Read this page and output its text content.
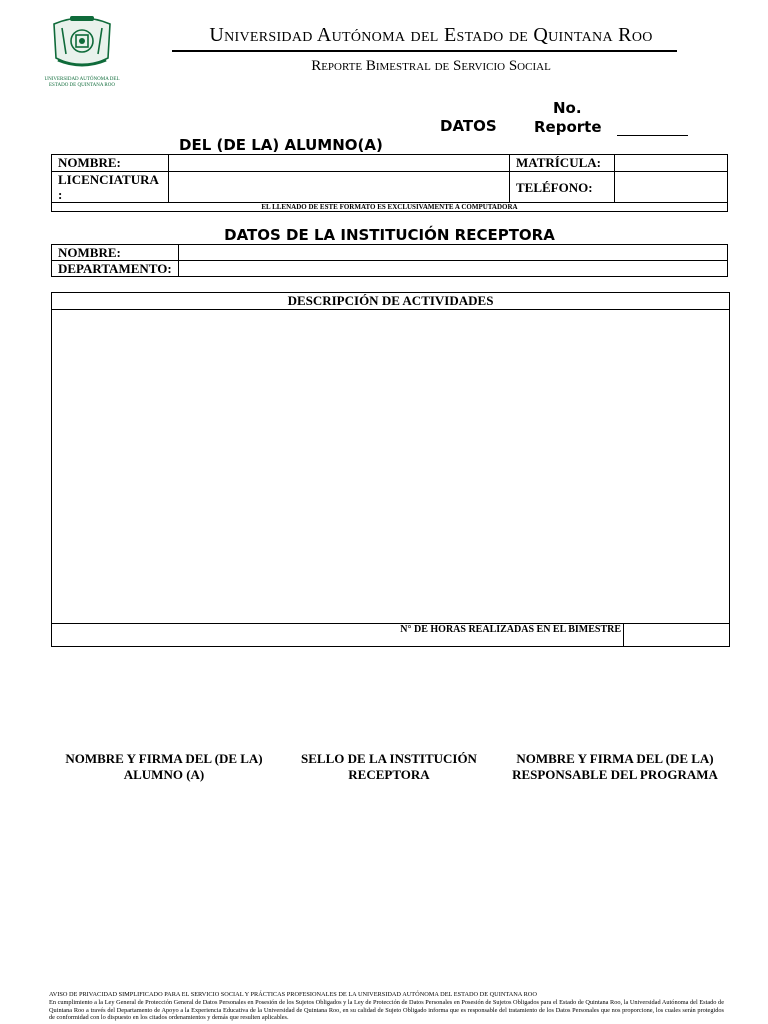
UNIVERSIDAD AUTÓNOMA DEL
ESTADO DE QUINTANA ROO
Universidad Autónoma del Estado de Quintana Roo
Reporte Bimestral de Servicio Social
No.
DATOS Reporte
DEL (DE LA) ALUMNO(A)
NOMBRE:		MATRÍCULA:	

LICENCIATURA
:		TELÉFONO:	
EL LLENADO DE ESTE FORMATO ES EXCLUSIVAMENTE A COMPUTADORA			
DATOS DE LA INSTITUCIÓN RECEPTORA
NOMBRE:	
DEPARTAMENTO:	
DESCRIPCIÓN DE ACTIVIDADES
N° DE HORAS REALIZADAS EN EL BIMESTRE
NOMBRE Y FIRMA DEL (DE LA)
ALUMNO (A)
SELLO DE LA INSTITUCIÓN
RECEPTORA
NOMBRE Y FIRMA DEL (DE LA)
RESPONSABLE DEL PROGRAMA
AVISO DE PRIVACIDAD SIMPLIFICADO PARA EL SERVICIO SOCIAL Y PRÁCTICAS PROFESIONALES DE LA UNIVERSIDAD AUTÓNOMA DEL ESTADO DE QUINTANA ROO
En cumplimiento a la Ley General de Protección General de Datos Personales en Posesión de los Sujetos Obligados y la Ley de Protección de Datos Personales en Posesión de Sujetos Obligados para el Estado de Quintana Roo, la Universidad Autónoma del Estado de Quintana Roo a través del Departamento de Apoyo a la Experiencia Educativa de la Universidad de Quintana Roo, en su calidad de Sujeto Obligado informa que es responsable del tratamiento de los Datos Personales que nos proporcione, los cuales serán protegidos de conformidad con lo dispuesto en los citados ordenamientos y demás que resulten aplicables.
